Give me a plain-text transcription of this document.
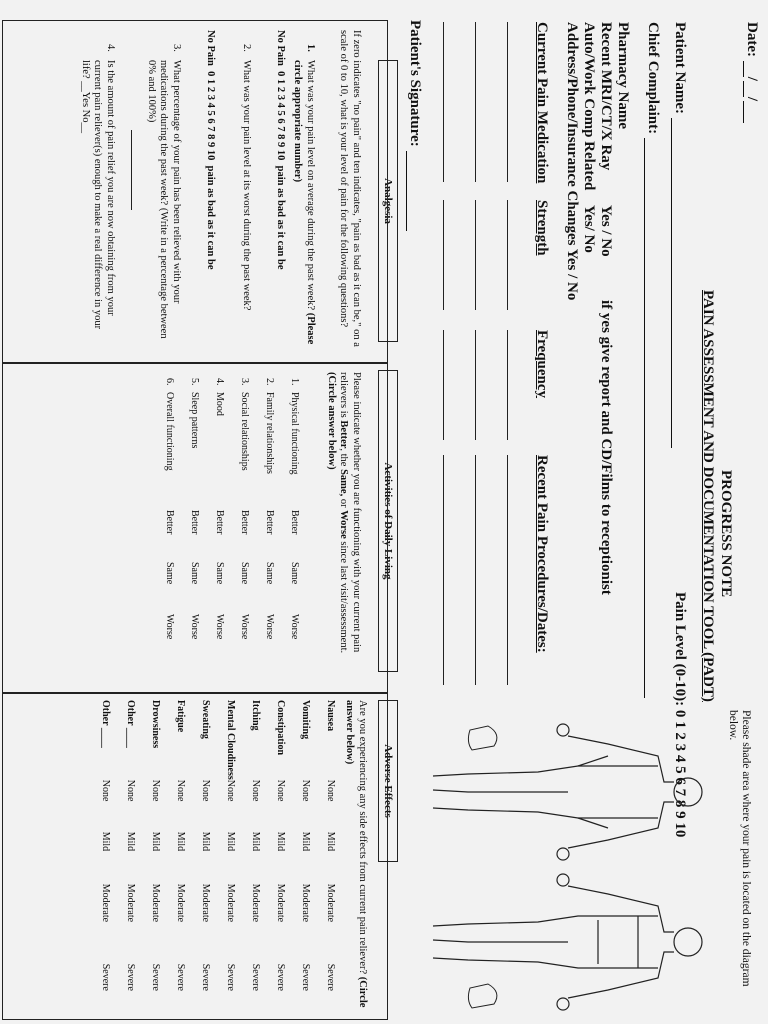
Date: //
PROGRESS NOTE
PAIN ASSESSMENT AND DOCUMENTATION TOOL (PADT)
Patient Name:
Pain Level (0-10): 0 1 2 3 4 5 6 7 8 9 10
Chief Complaint:
Pharmacy Name
Recent MRI/CT/X Ray
Yes / No
if yes give report and CD/Films to receptionist
Auto/Work Comp Related
Yes/ No
Address/Phone/Insurance Changes Yes / No
Current Pain Medication
Strength
Frequency
Recent Pain Procedures/Dates:
Patient's Signature:
Please shade area where your pain is located on the diagram below.
Analgesia
If zero indicates "no pain" and ten indicates, "pain as bad as it can be," on a scale of 0 to 10, what is your level of pain for the following questions?
1.
What was your pain level on average during the past week? (Please circle appropriate number)
No Pain  0 1 2 3 4 5 6 7 8 9 10  pain as bad as it can be
2.
What was your pain level at its worst during the past week?
No Pain  0 1 2 3 4 5 6 7 8 9 10  pain as bad as it can be
3.
What percentage of your pain has been relieved with your medications during the past week? (Write in a percentage between 0% and 100%)
4.
Is the amount of pain relief you are now obtaining from your current pain reliever(s) enough to make a real difference in your life? __Yes No__
Activities of Daily Living
Please indicate whether you are functioning with your current pain relievers is Better, the Same, or Worse since last visit/assessment. (Circle answer below)
1.	Physical functioning	Better	Same	Worse
2.	Family relationships	Better	Same	Worse
3.	Social relationships	Better	Same	Worse
4.	Mood	Better	Same	Worse
5.	Sleep patterns	Better	Same	Worse
6.	Overall functioning	Better	Same	Worse
Adverse Effects
Are you experiencing any side effects from current pain reliever? (Circle answer below)
Nausea	None	Mild	Moderate	Severe
Vomiting	None	Mild	Moderate	Severe
Constipation	None	Mild	Moderate	Severe
Itching	None	Mild	Moderate	Severe
Mental Cloudiness	None	Mild	Moderate	Severe
Sweating	None	Mild	Moderate	Severe
Fatigue	None	Mild	Moderate	Severe
Drowsiness	None	Mild	Moderate	Severe
Other ____	None	Mild	Moderate	Severe
Other ____	None	Mild	Moderate	Severe
